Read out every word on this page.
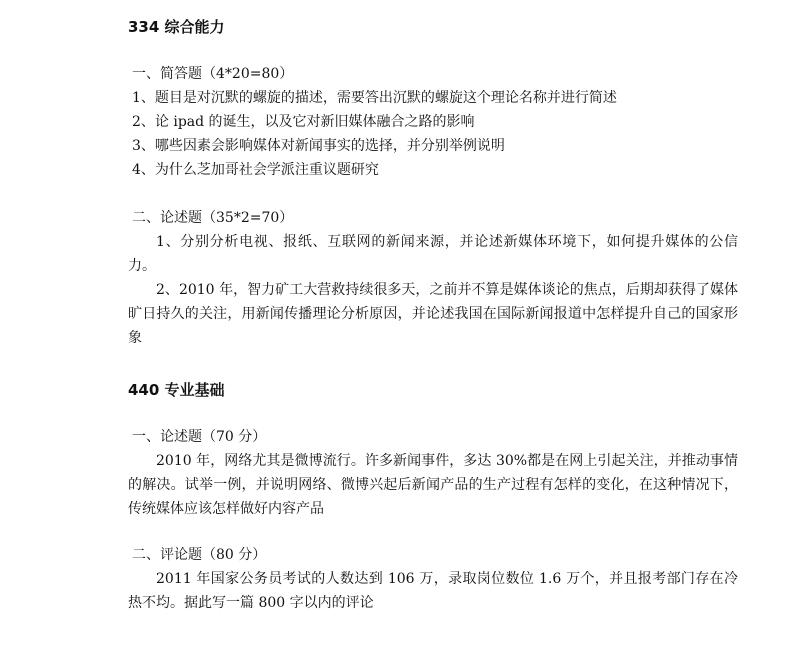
334 综合能力

一、简答题（4*20=80）

1、题目是对沉默的螺旋的描述，需要答出沉默的螺旋这个理论名称并进行简述

2、论 ipad 的诞生，以及它对新旧媒体融合之路的影响

3、哪些因素会影响媒体对新闻事实的选择，并分别举例说明

4、为什么芝加哥社会学派注重议题研究

二、论述题（35*2=70）

1、分别分析电视、报纸、互联网的新闻来源，并论述新媒体环境下，如何提升媒体的公信力。

2、2010 年，智力矿工大营救持续很多天，之前并不算是媒体谈论的焦点，后期却获得了媒体旷日持久的关注，用新闻传播理论分析原因，并论述我国在国际新闻报道中怎样提升自己的国家形象

440 专业基础

一、论述题（70 分）

2010 年，网络尤其是微博流行。许多新闻事件，多达 30%都是在网上引起关注，并推动事情的解决。试举一例，并说明网络、微博兴起后新闻产品的生产过程有怎样的变化，在这种情况下，传统媒体应该怎样做好内容产品

二、评论题（80 分）

2011 年国家公务员考试的人数达到 106 万，录取岗位数位 1.6 万个，并且报考部门存在冷热不均。据此写一篇 800 字以内的评论
